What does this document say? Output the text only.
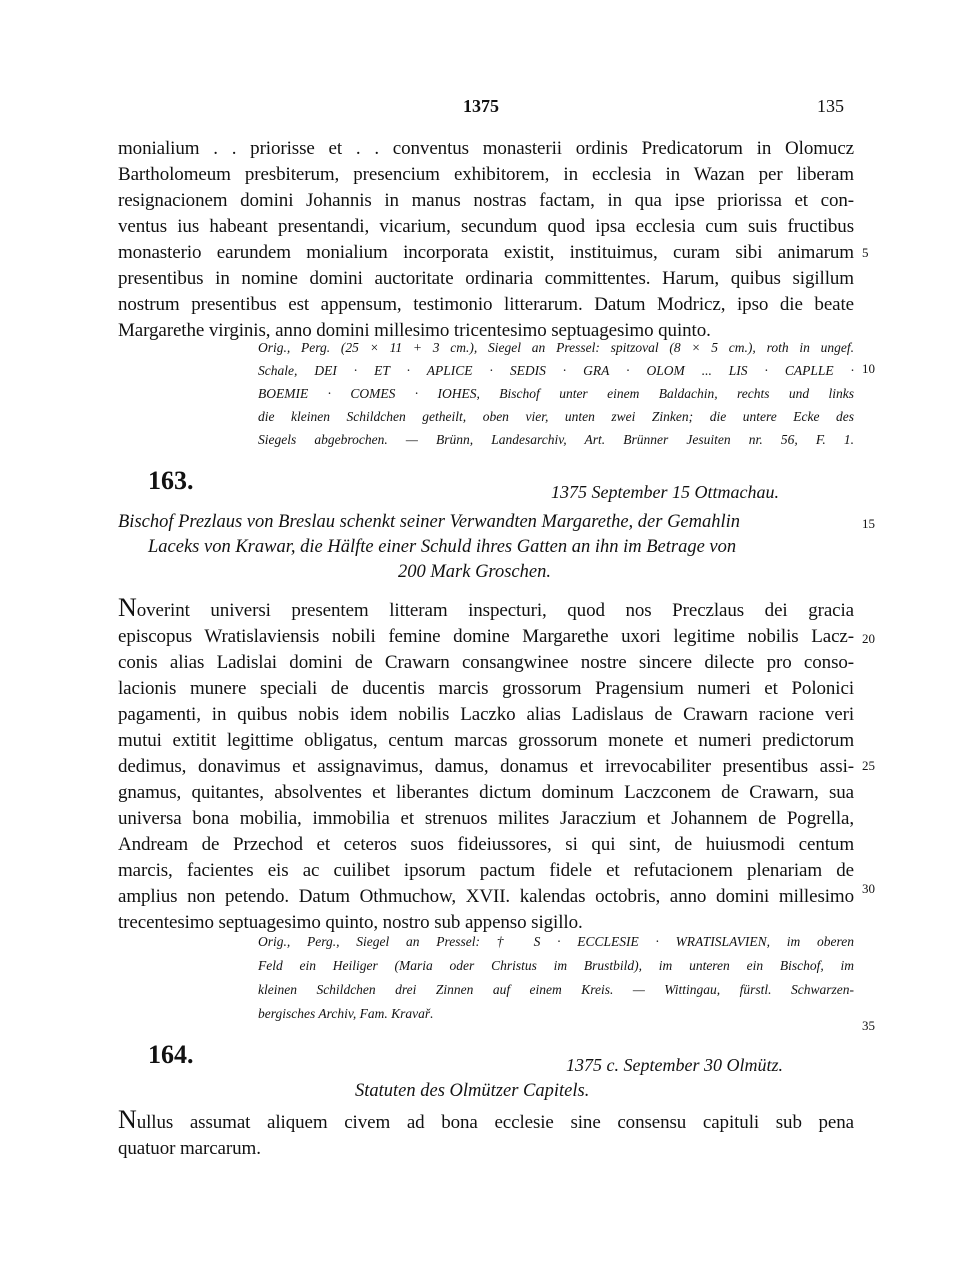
1375	135
monialium . . priorisse et . . conventus monasterii ordinis Predicatorum in Olomucz
Bartholomeum presbiterum, presencium exhibitorem, in ecclesia in Wazan per liberam
resignacionem domini Johannis in manus nostras factam, in qua ipse priorissa et con-
ventus ius habeant presentandi, vicarium, secundum quod ipsa ecclesia cum suis fructibus
monasterio earundem monialium incorporata existit, instituimus, curam sibi animarum
presentibus in nomine domini auctoritate ordinaria committentes. Harum, quibus sigillum
nostrum presentibus est appensum, testimonio litterarum. Datum Modricz, ipso die beate
Margarethe virginis, anno domini millesimo tricentesimo septuagesimo quinto.
Orig., Perg. (25 × 11 + 3 cm.), Siegel an Pressel: spitzoval (8 × 5 cm.), roth in ungef.
Schale, DEI · ET · APLICE · SEDIS · GRA · OLOM ... LIS · CAPLLE ·
BOEMIE · COMES · IOHES, Bischof unter einem Baldachin, rechts und links
die kleinen Schildchen getheilt, oben vier, unten zwei Zinken; die untere Ecke des
Siegels abgebrochen. — Brünn, Landesarchiv, Art. Brünner Jesuiten nr. 56, F. 1.
163.	1375 September 15 Ottmachau.
Bischof Prezlaus von Breslau schenkt seiner Verwandten Margarethe, der Gemahlin
Laceks von Krawar, die Hälfte einer Schuld ihres Gatten an ihn im Betrage von
200 Mark Groschen.
Noverint universi presentem litteram inspecturi, quod nos Preczlaus dei gracia
episcopus Wratislaviensis nobili femine domine Margarethe uxori legitime nobilis Lacz-
conis alias Ladislai domini de Crawarn consangwinee nostre sincere dilecte pro conso-
lacionis munere speciali de ducentis marcis grossorum Pragensium numeri et Polonici
pagamenti, in quibus nobis idem nobilis Laczko alias Ladislaus de Crawarn racione veri
mutui extitit legittime obligatus, centum marcas grossorum monete et numeri predictorum
dedimus, donavimus et assignavimus, damus, donamus et irrevocabiliter presentibus assi-
gnamus, quitantes, absolventes et liberantes dictum dominum Laczconem de Crawarn, sua
universa bona mobilia, immobilia et strenuos milites Jaraczium et Johannem de Pogrella,
Andream de Przechod et ceteros suos fideiussores, si qui sint, de huiusmodi centum
marcis, facientes eis ac cuilibet ipsorum pactum fidele et refutacionem plenariam de
amplius non petendo. Datum Othmuchow, XVII. kalendas octobris, anno domini millesimo
trecentesimo septuagesimo quinto, nostro sub appenso sigillo.
Orig., Perg., Siegel an Pressel: † S · ECCLESIE · WRATISLAVIEN, im oberen
Feld ein Heiliger (Maria oder Christus im Brustbild), im unteren ein Bischof, im
kleinen Schildchen drei Zinnen auf einem Kreis. — Wittingau, fürstl. Schwarzen-
bergisches Archiv, Fam. Kravař.
164.	1375 c. September 30 Olmütz.
Statuten des Olmützer Capitels.
Nullus assumat aliquem civem ad bona ecclesie sine consensu capituli sub pena
quatuor marcarum.
5
10
15
20
25
30
35
